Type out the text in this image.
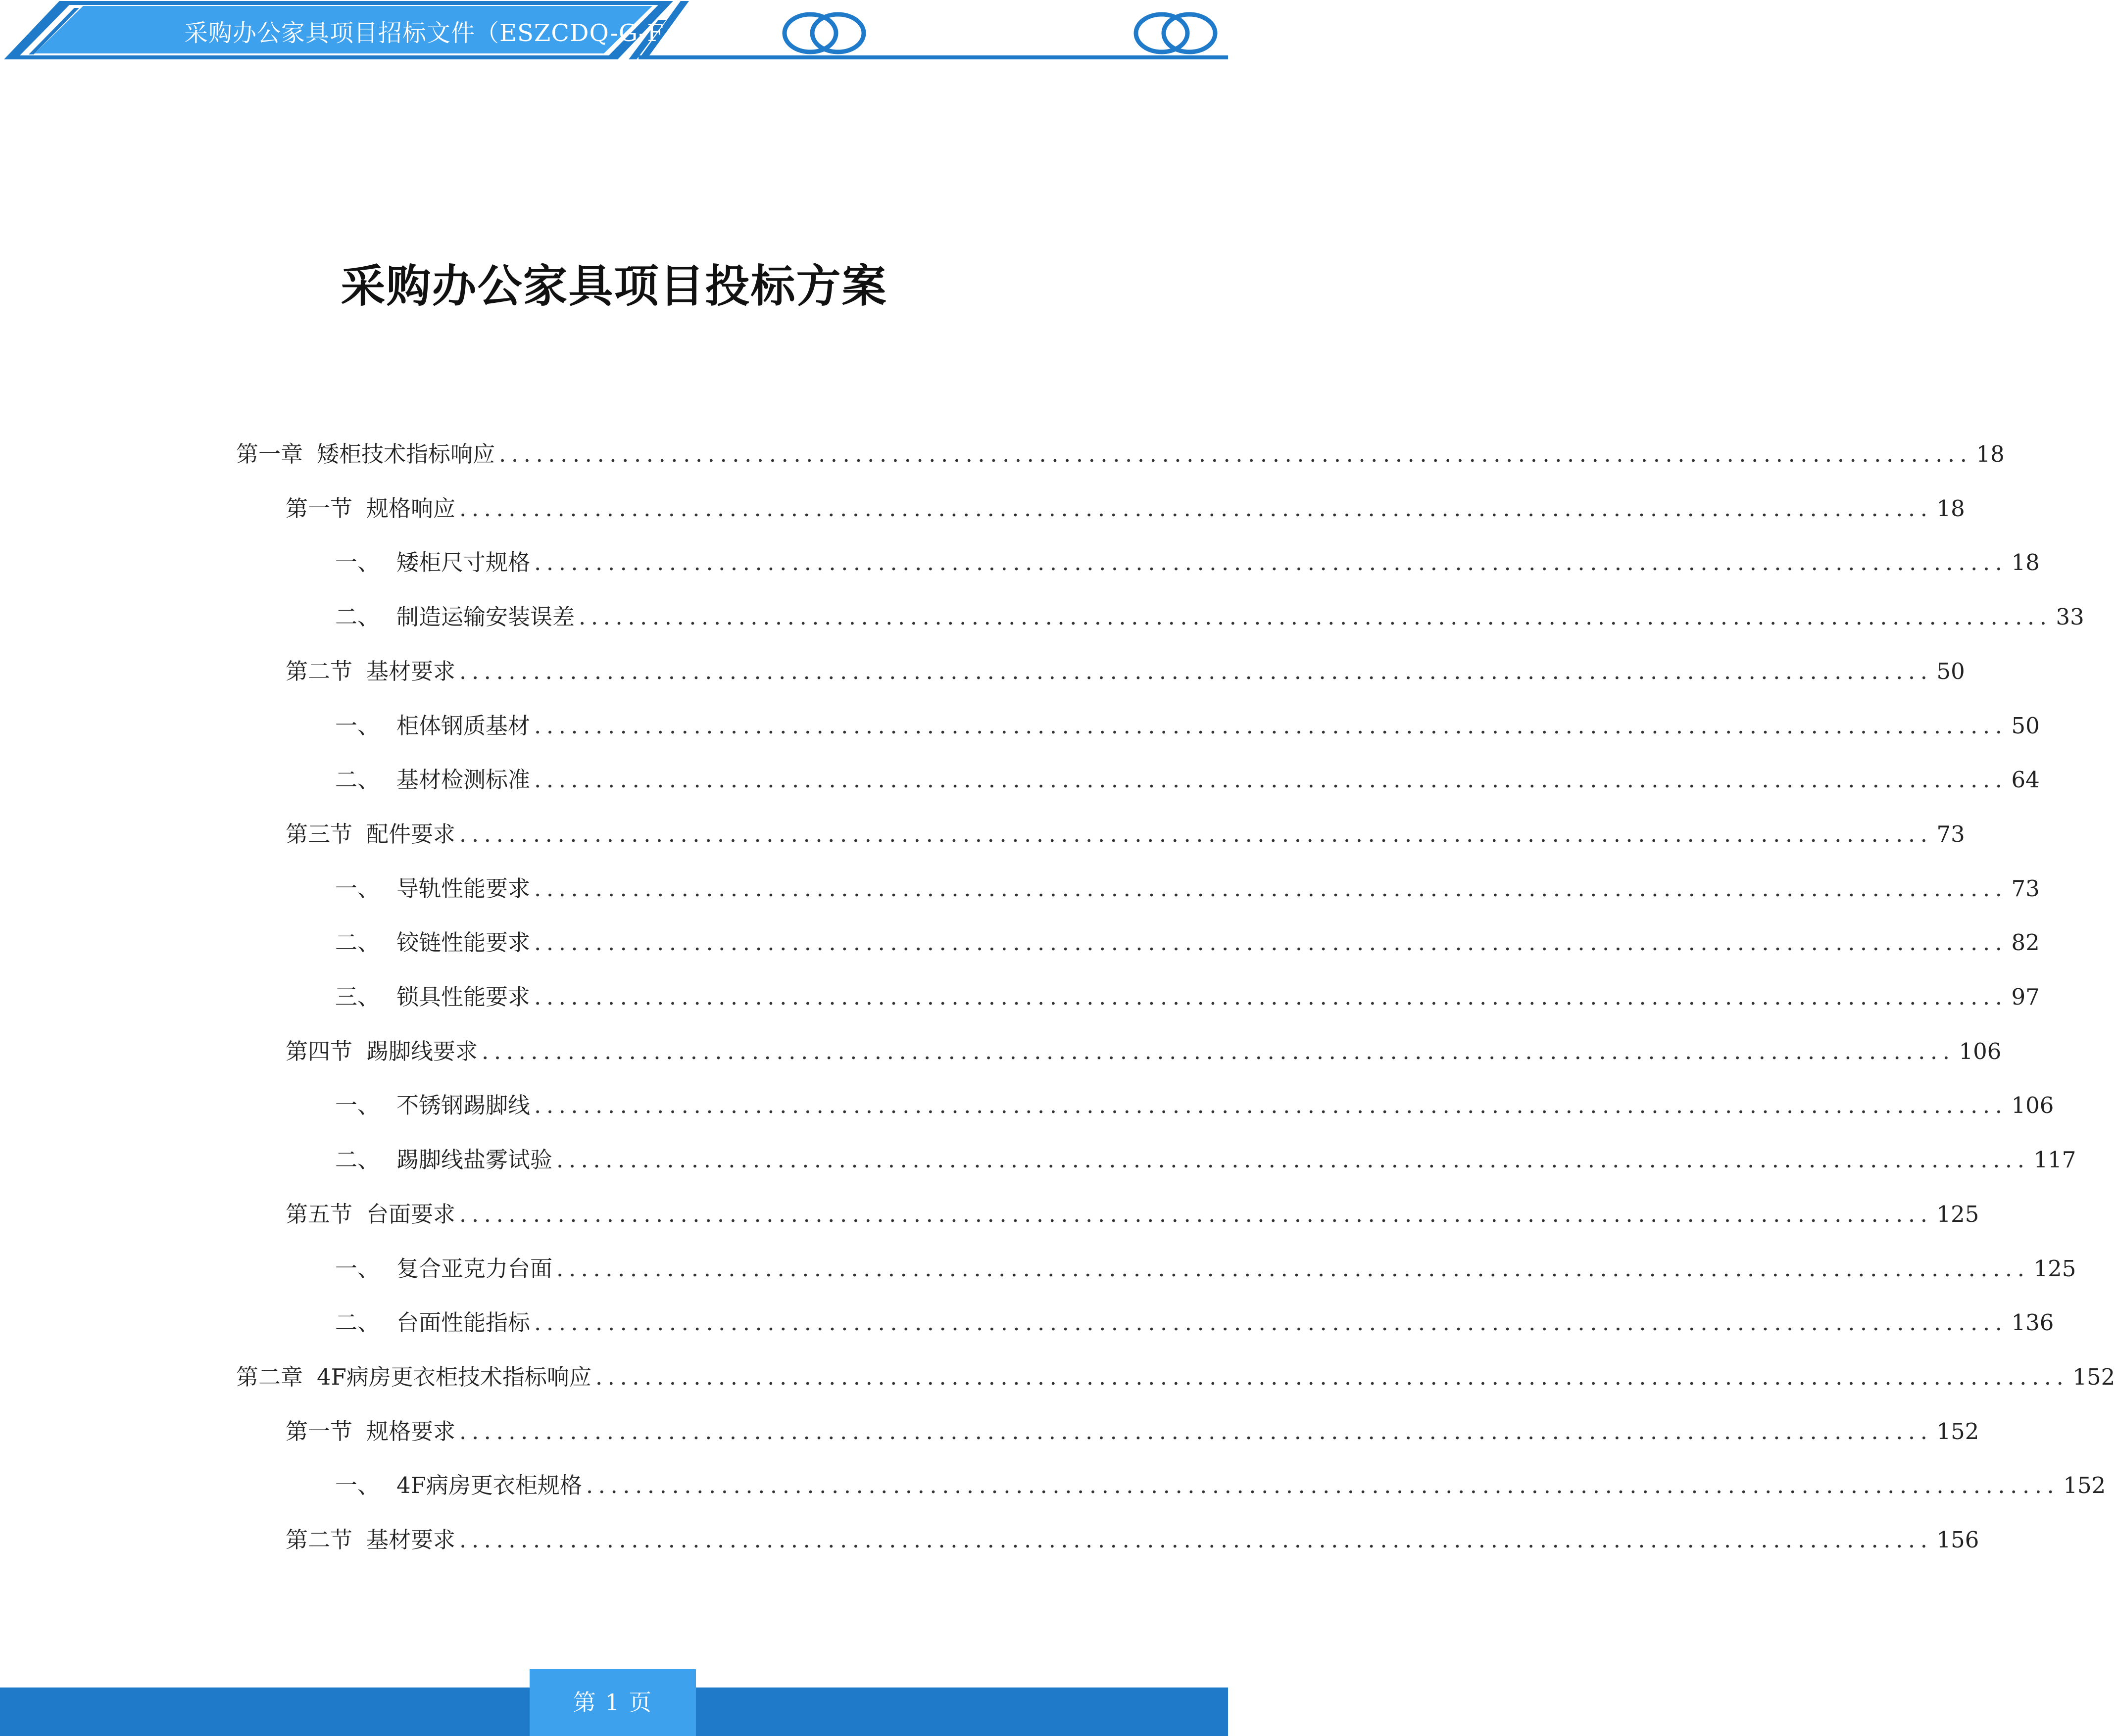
采购办公家具项目招标文件（ESZCDQ-G-F
采购办公家具项目投标方案
第一章 矮柜技术指标响应 ........................................................................................................................ 18
第一节 规格响应 ........................................................................................................................ 18
一、 矮柜尺寸规格 ........................................................................................................................ 18
二、 制造运输安装误差 ........................................................................................................................ 33
第二节 基材要求 ........................................................................................................................ 50
一、 柜体钢质基材 ........................................................................................................................ 50
二、 基材检测标准 ........................................................................................................................ 64
第三节 配件要求 ........................................................................................................................ 73
一、 导轨性能要求 ........................................................................................................................ 73
二、 铰链性能要求 ........................................................................................................................ 82
三、 锁具性能要求 ........................................................................................................................ 97
第四节 踢脚线要求 ........................................................................................................................ 106
一、 不锈钢踢脚线 ........................................................................................................................ 106
二、 踢脚线盐雾试验 ........................................................................................................................ 117
第五节 台面要求 ........................................................................................................................ 125
一、 复合亚克力台面 ........................................................................................................................ 125
二、 台面性能指标 ........................................................................................................................ 136
第二章 4F病房更衣柜技术指标响应 ........................................................................................................................ 152
第一节 规格要求 ........................................................................................................................ 152
一、 4F病房更衣柜规格 ........................................................................................................................ 152
第二节 基材要求 ........................................................................................................................ 156
第 1 页
